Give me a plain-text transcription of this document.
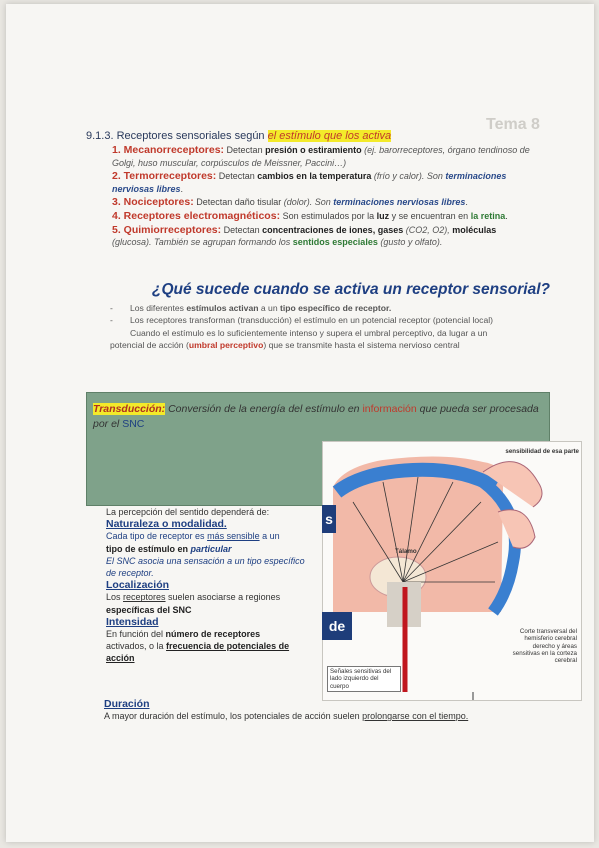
Tema 8
9.1.3. Receptores sensoriales según el estímulo que los activa
1. Mecanorreceptores: Detectan presión o estiramiento (ej. barorreceptores, órgano tendinoso de Golgi, huso muscular, corpúsculos de Meissner, Paccini…)
2. Termorreceptores: Detectan cambios en la temperatura (frío y calor). Son terminaciones nerviosas libres.
3. Nociceptores: Detectan daño tisular (dolor). Son terminaciones nerviosas libres.
4. Receptores electromagnéticos: Son estimulados por la luz y se encuentran en la retina.
5. Quimiorreceptores: Detectan concentraciones de iones, gases (CO2, O2), moléculas (glucosa). También se agrupan formando los sentidos especiales (gusto y olfato).
¿Qué sucede cuando se activa un receptor sensorial?
- Los diferentes estímulos activan a un tipo específico de receptor.
- Los receptores transforman (transducción) el estímulo en un potencial receptor (potencial local)
Cuando el estímulo es lo suficientemente intenso y supera el umbral perceptivo, da lugar a un potencial de acción (umbral perceptivo) que se transmite hasta el sistema nervioso central
Transducción: Conversión de la energía del estímulo en información que pueda ser procesada por el SNC
sensibilidad de esa parte
Tálamo
Corte transversal del hemisferio cerebral derecho y áreas sensitivas en la corteza cerebral
Señales sensitivas del lado izquierdo del cuerpo
s
de
La percepción del sentido dependerá de:
Naturaleza o modalidad.
Cada tipo de receptor es más sensible a un
tipo de estímulo en particular
El SNC asocia una sensación a un tipo específico de receptor.
Localización
Los receptores suelen asociarse a regiones
específicas del SNC
Intensidad
En función del número de receptores
activados, o la frecuencia de potenciales de acción
Duración
A mayor duración del estímulo, los potenciales de acción suelen prolongarse con el tiempo.
